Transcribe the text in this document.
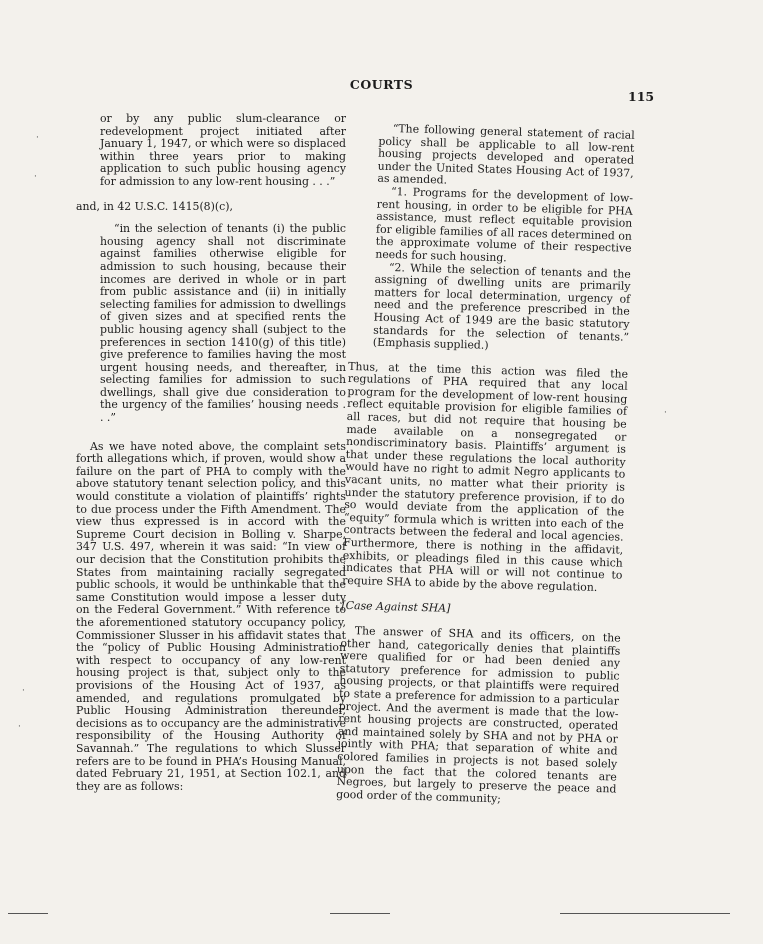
COURTS
115

or by any public slum-clearance or redevelopment project initiated after January 1, 1947, or which were so displaced within three years prior to making application to such public housing agency for admission to any low-rent housing . . .”

and, in 42 U.S.C. 1415(8)(c),

“in the selection of tenants (i) the public housing agency shall not discriminate against families otherwise eligible for admission to such housing, because their incomes are derived in whole or in part from public assistance and (ii) in initially selecting families for admission to dwellings of given sizes and at specified rents the public housing agency shall (subject to the preferences in section 1410(g) of this title) give preference to families having the most urgent housing needs, and thereafter, in selecting families for admission to such dwellings, shall give due consideration to the urgency of the families’ housing needs . . .”

As we have noted above, the complaint sets forth allegations which, if proven, would show a failure on the part of PHA to comply with the above statutory tenant selection policy, and this would constitute a violation of plaintiffs’ rights to due process under the Fifth Amendment. The view thus expressed is in accord with the Supreme Court decision in Bolling v. Sharpe, 347 U.S. 497, wherein it was said: “In view of our decision that the Constitution prohibits the States from maintaining racially segregated public schools, it would be unthinkable that the same Constitution would impose a lesser duty on the Federal Government.” With reference to the aforementioned statutory occupancy policy, Commissioner Slusser in his affidavit states that the “policy of Public Housing Administration with respect to occupancy of any low-rent housing project is that, subject only to the provisions of the Housing Act of 1937, as amended, and regulations promulgated by Public Housing Administration thereunder, decisions as to occupancy are the administrative responsibility of the Housing Authority of Savannah.” The regulations to which Slusser refers are to be found in PHA’s Housing Manual, dated February 21, 1951, at Section 102.1, and they are as follows:

“The following general statement of racial policy shall be applicable to all low-rent housing projects developed and operated under the United States Housing Act of 1937, as amended.

“1. Programs for the development of low-rent housing, in order to be eligible for PHA assistance, must reflect equitable provision for eligible families of all races determined on the approximate volume of their respective needs for such housing.

“2. While the selection of tenants and the assigning of dwelling units are primarily matters for local determination, urgency of need and the preference prescribed in the Housing Act of 1949 are the basic statutory standards for the selection of tenants.” (Emphasis supplied.)

Thus, at the time this action was filed the regulations of PHA required that any local program for the development of low-rent housing reflect equitable provision for eligible families of all races, but did not require that housing be made available on a nonsegregated or nondiscriminatory basis. Plaintiffs’ argument is that under these regulations the local authority would have no right to admit Negro applicants to vacant units, no matter what their priority is under the statutory preference provision, if to do so would deviate from the application of the “equity” formula which is written into each of the contracts between the federal and local agencies. Furthermore, there is nothing in the affidavit, exhibits, or pleadings filed in this cause which indicates that PHA will or will not continue to require SHA to abide by the above regulation.

[Case Against SHA]

The answer of SHA and its officers, on the other hand, categorically denies that plaintiffs were qualified for or had been denied any statutory preference for admission to public housing projects, or that plaintiffs were required to state a preference for admission to a particular project. And the averment is made that the low-rent housing projects are constructed, operated and maintained solely by SHA and not by PHA or jointly with PHA; that separation of white and colored families in projects is not based solely upon the fact that the colored tenants are Negroes, but largely to preserve the peace and good order of the community;

·
·
·
·
·
